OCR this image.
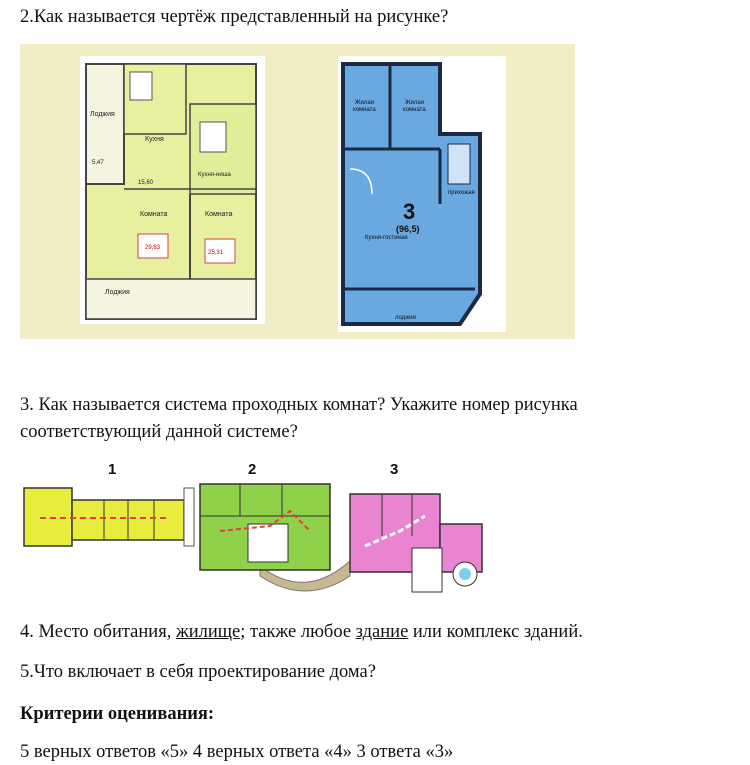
2.Как называется чертёж представленный на рисунке?
Лоджия
Кухня
Комната	Комната
Лоджия
Кухня-ниша
29,63
25,31
15,60
5,47
Жилая
комната
Жилая
комната
прихожая
Кухня-гостиная
лоджия
3
(96,5)
3. Как называется система проходных комнат? Укажите номер рисунка
соответствующий данной системе?
1	2	3
4. Место обитания, жилище; также любое здание или комплекс зданий.
5.Что включает в себя проектирование дома?
Критерии оценивания:
5 верных ответов «5» 4 верных ответа «4» 3 ответа «3»
